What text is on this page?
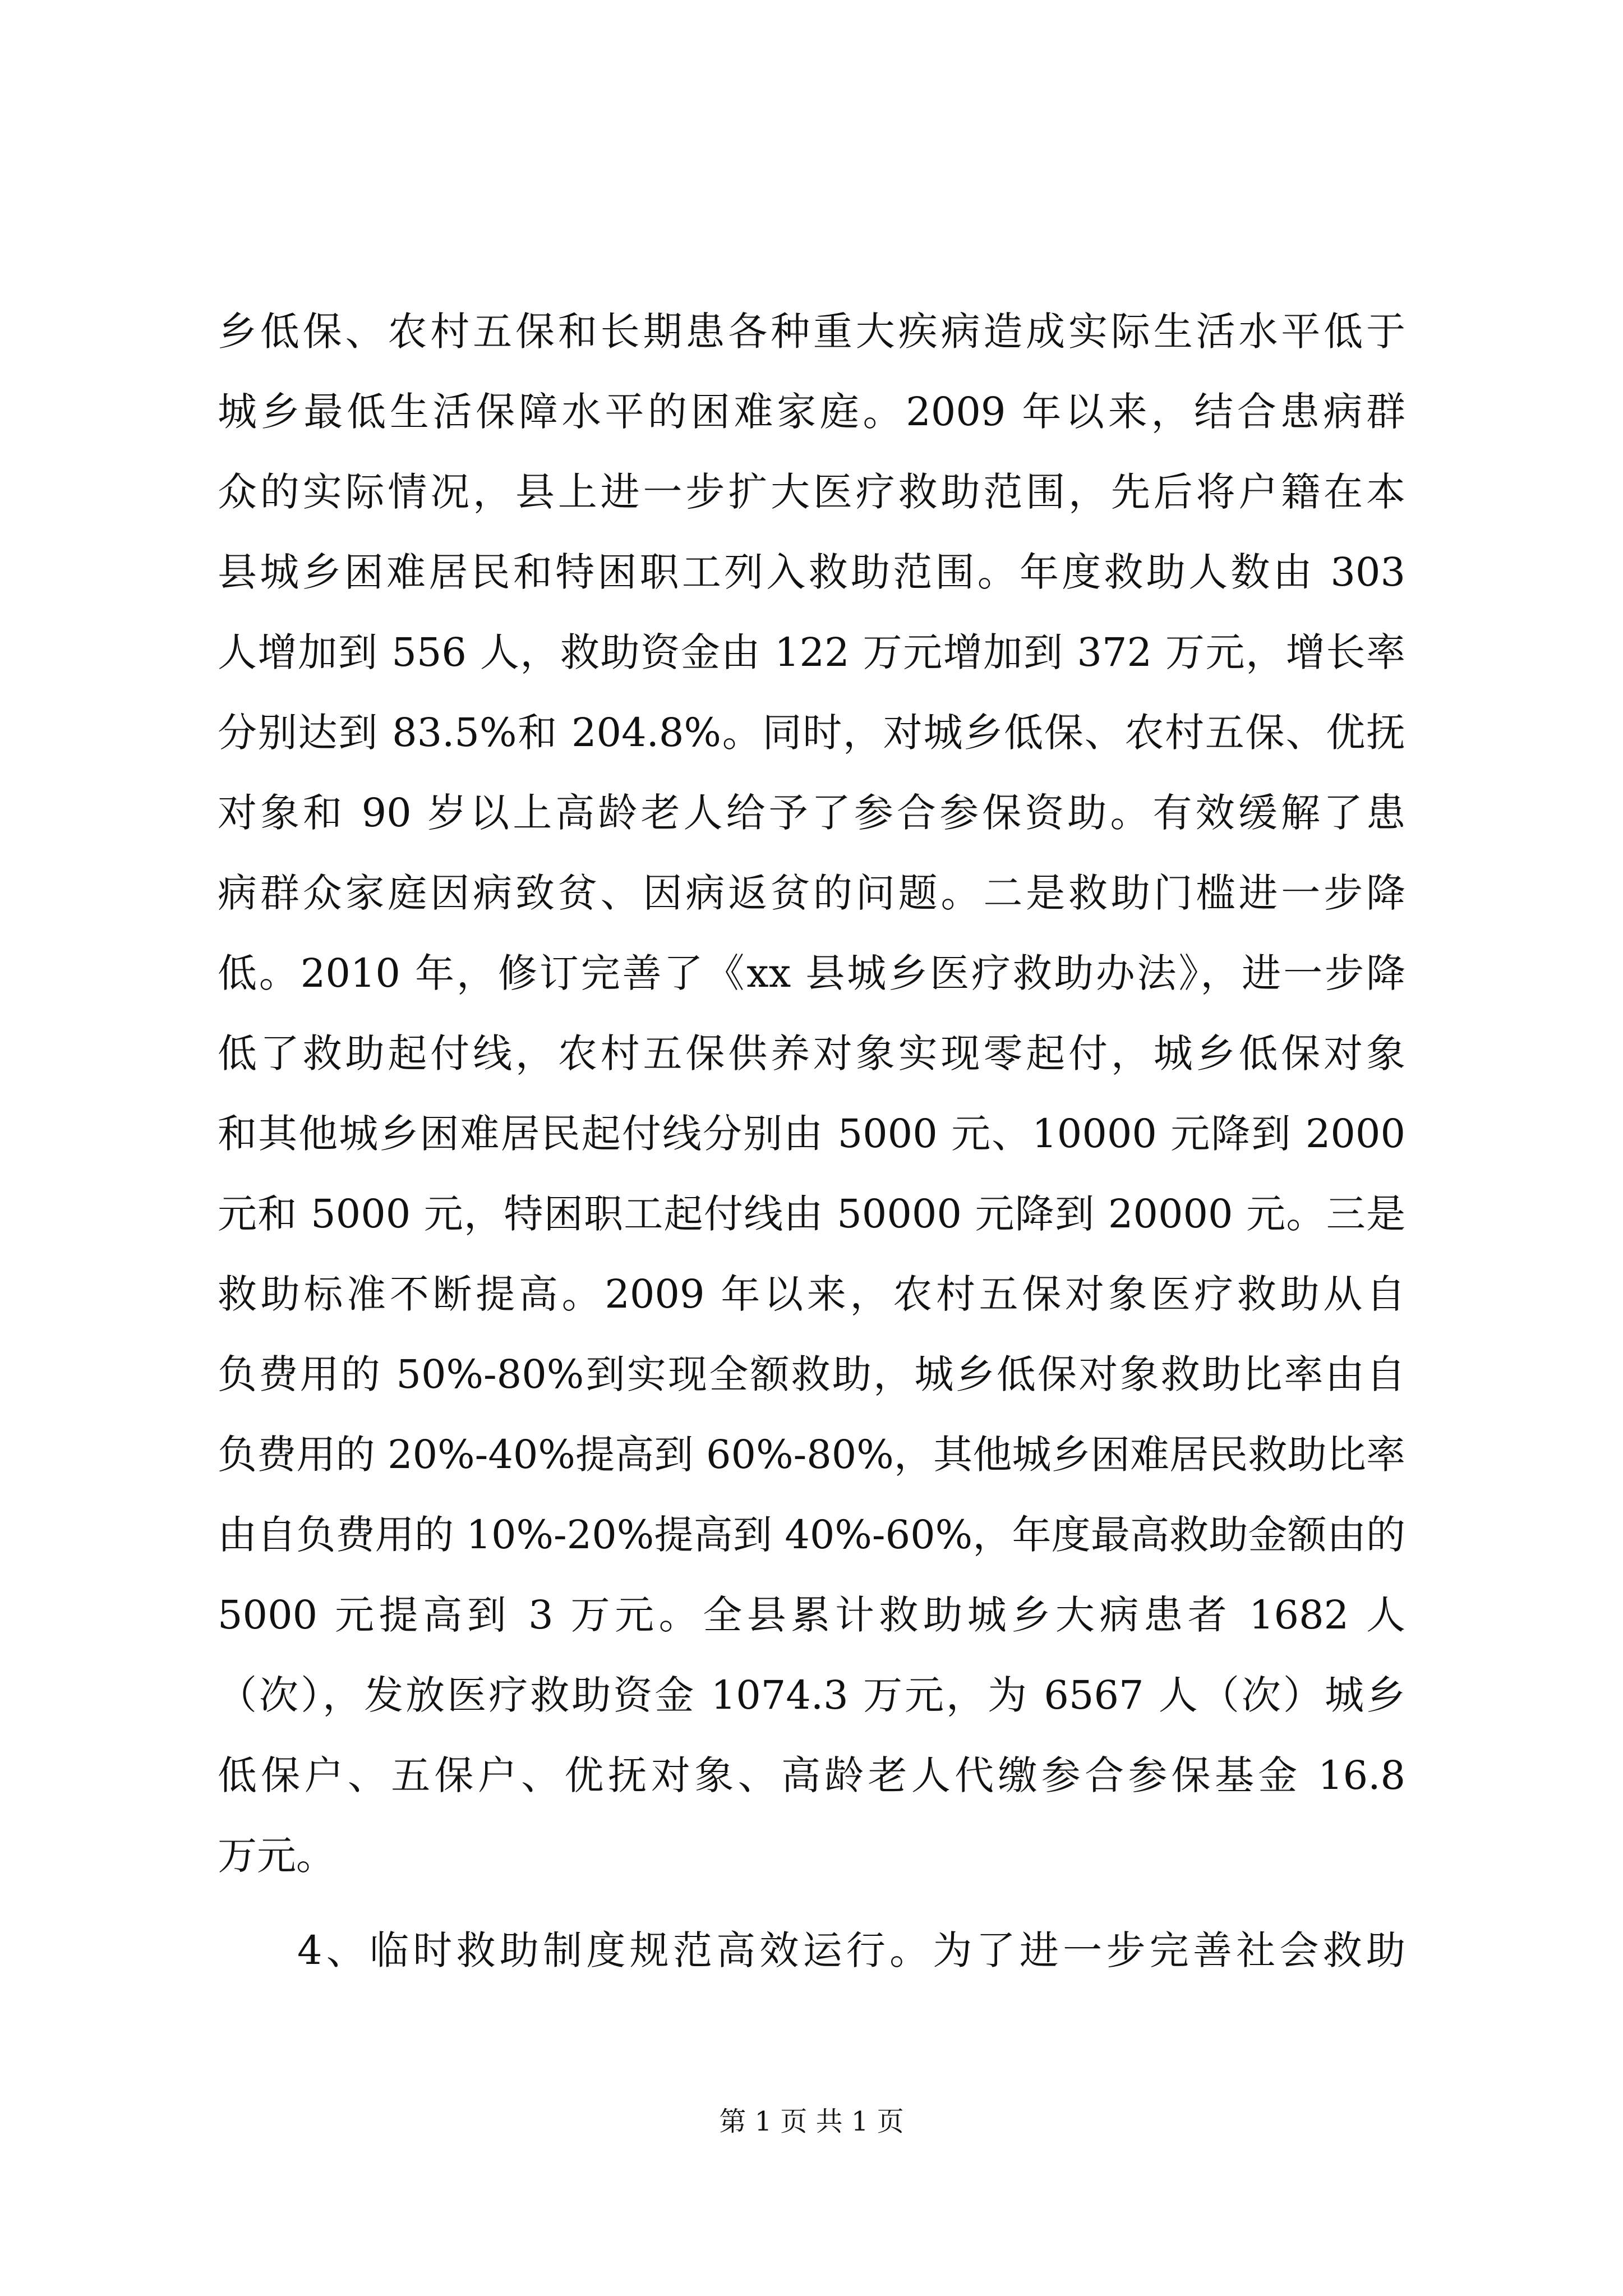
乡低保、农村五保和长期患各种重大疾病造成实际生活水平低于
城乡最低生活保障水平的困难家庭。2009 年以来，结合患病群
众的实际情况，县上进一步扩大医疗救助范围，先后将户籍在本
县城乡困难居民和特困职工列入救助范围。年度救助人数由 303
人增加到 556 人，救助资金由 122 万元增加到 372 万元，增长率
分别达到 83.5%和 204.8%。同时，对城乡低保、农村五保、优抚
对象和 90 岁以上高龄老人给予了参合参保资助。有效缓解了患
病群众家庭因病致贫、因病返贫的问题。二是救助门槛进一步降
低。2010 年，修订完善了《xx 县城乡医疗救助办法》，进一步降
低了救助起付线，农村五保供养对象实现零起付，城乡低保对象
和其他城乡困难居民起付线分别由 5000 元、10000 元降到 2000
元和 5000 元，特困职工起付线由 50000 元降到 20000 元。三是
救助标准不断提高。2009 年以来，农村五保对象医疗救助从自
负费用的 50%-80%到实现全额救助，城乡低保对象救助比率由自
负费用的 20%-40%提高到 60%-80%，其他城乡困难居民救助比率
由自负费用的 10%-20%提高到 40%-60%，年度最高救助金额由的
5000 元提高到 3 万元。全县累计救助城乡大病患者 1682 人
（次），发放医疗救助资金 1074.3 万元，为 6567 人（次）城乡
低保户、五保户、优抚对象、高龄老人代缴参合参保基金 16.8
万元。
4、临时救助制度规范高效运行。为了进一步完善社会救助
第 1 页 共 1 页
